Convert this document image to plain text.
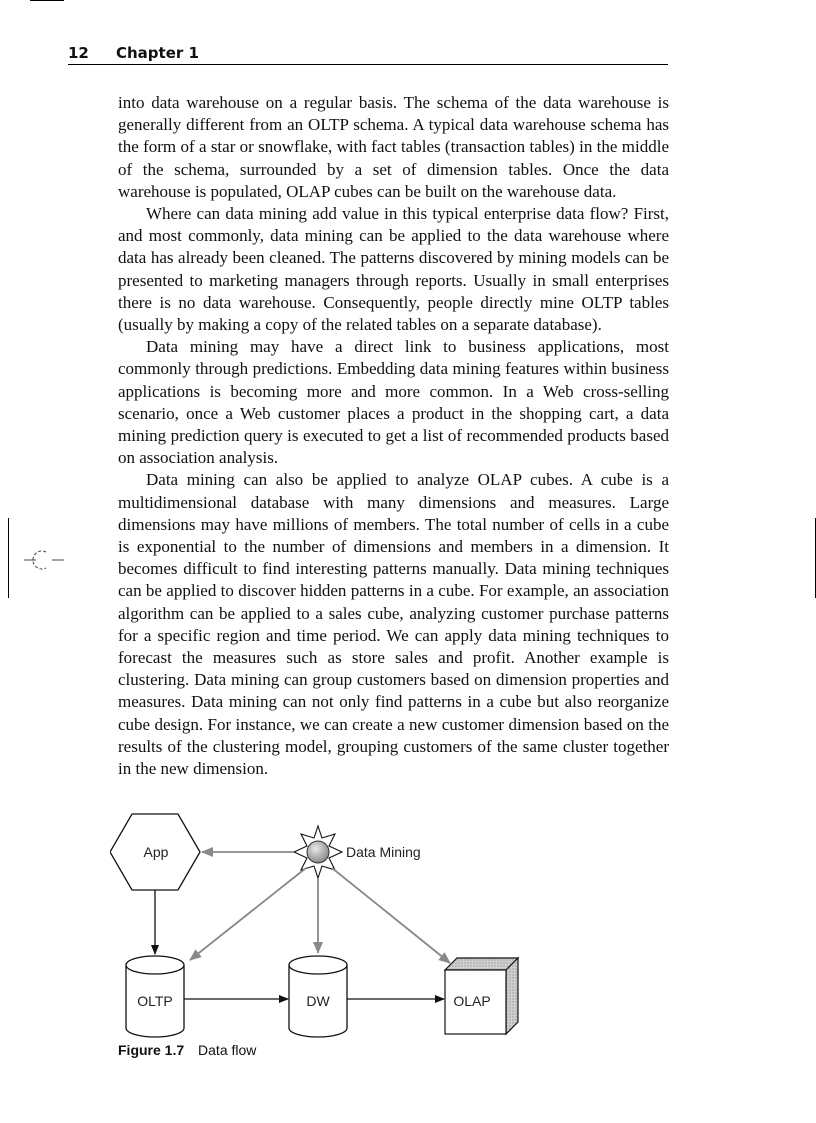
12 Chapter 1

into data warehouse on a regular basis. The schema of the data warehouse is generally different from an OLTP schema. A typical data warehouse schema has the form of a star or snowflake, with fact tables (transaction tables) in the middle of the schema, surrounded by a set of dimension tables. Once the data warehouse is populated, OLAP cubes can be built on the warehouse data.

Where can data mining add value in this typical enterprise data flow? First, and most commonly, data mining can be applied to the data warehouse where data has already been cleaned. The patterns discovered by mining models can be presented to marketing managers through reports. Usually in small enterprises there is no data warehouse. Consequently, people directly mine OLTP tables (usually by making a copy of the related tables on a separate database).

Data mining may have a direct link to business applications, most commonly through predictions. Embedding data mining features within business applications is becoming more and more common. In a Web cross-selling scenario, once a Web customer places a product in the shopping cart, a data mining prediction query is executed to get a list of recommended products based on association analysis.

Data mining can also be applied to analyze OLAP cubes. A cube is a multidimensional database with many dimensions and measures. Large dimensions may have millions of members. The total number of cells in a cube is exponential to the number of dimensions and members in a dimension. It becomes difficult to find interesting patterns manually. Data mining techniques can be applied to discover hidden patterns in a cube. For example, an association algorithm can be applied to a sales cube, analyzing customer purchase patterns for a specific region and time period. We can apply data mining techniques to forecast the measures such as store sales and profit. Another example is clustering. Data mining can group customers based on dimension properties and measures. Data mining can not only find patterns in a cube but also reorganize cube design. For instance, we can create a new customer dimension based on the results of the clustering model, grouping customers of the same cluster together in the new dimension.

App	Data Mining
OLTP	DW	OLAP
Figure 1.7 Data flow
